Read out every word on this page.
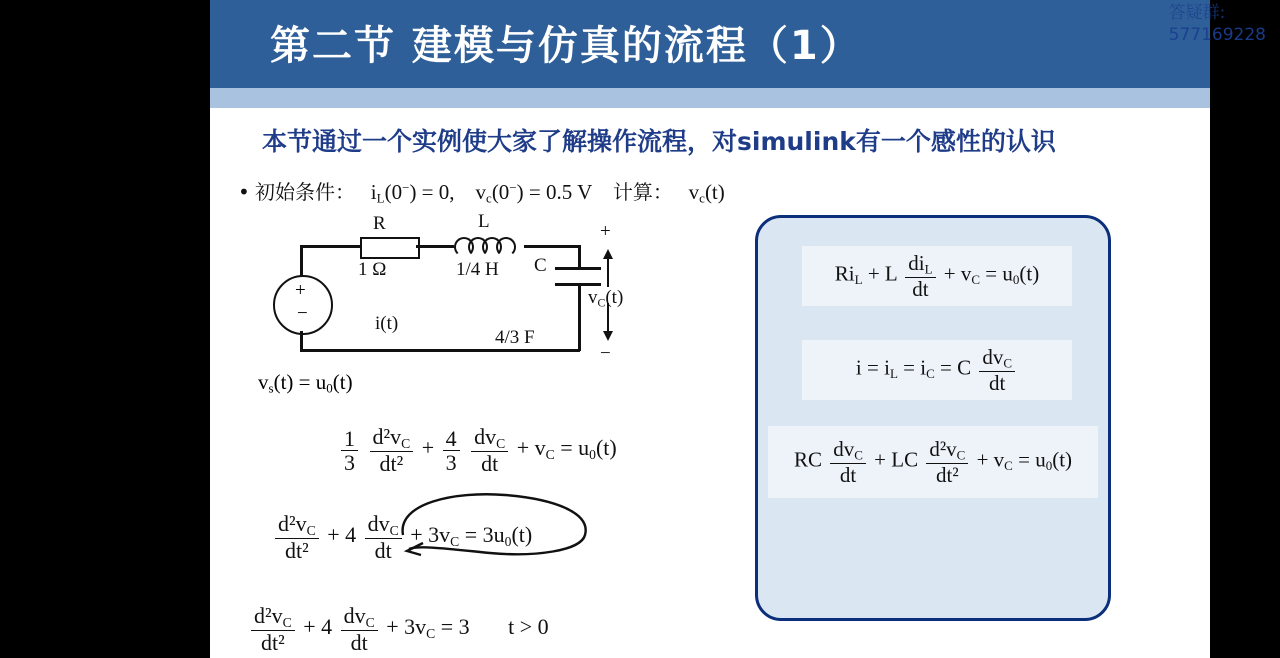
第二节 建模与仿真的流程（1）
本节通过一个实例使大家了解操作流程，对simulink有一个感性的认识
• 初始条件： $i_L(0^-) = 0$, $v_c(0^-) = 0.5$ V 计算： $v_c(t)$
+
−
R	L
1 Ω	1/4 H C
4/3 F
i(t)
+
−
$v_C(t)$
$v_s(t) = u_0(t)$
$\frac{1}{3}$
$\frac{d^2v_C}{\text{dt²}} + \frac{4}{3}$
$\frac{dv_C}{dt} + v_C = u_0(t)$
$\frac{d^2v_C}{\text{dt²}} + 4 \frac{dv_C}{dt} + 3v_C = 3u_0(t)$
$\frac{d^2v_C}{\text{dt²}} + 4 \frac{dv_C}{dt} + 3v_C = 3$ t > 0
$Ri_L + L \frac{di_L}{dt} + v_C = u_0(t)$
$i = i_L = i_C = C \frac{dv_C}{dt}$
RC $\frac{dv_C}{dt}$ + LC $\frac{d^2v_C}{\text{dt²}} + v_C = u_0(t)$
答疑群:
577169228
